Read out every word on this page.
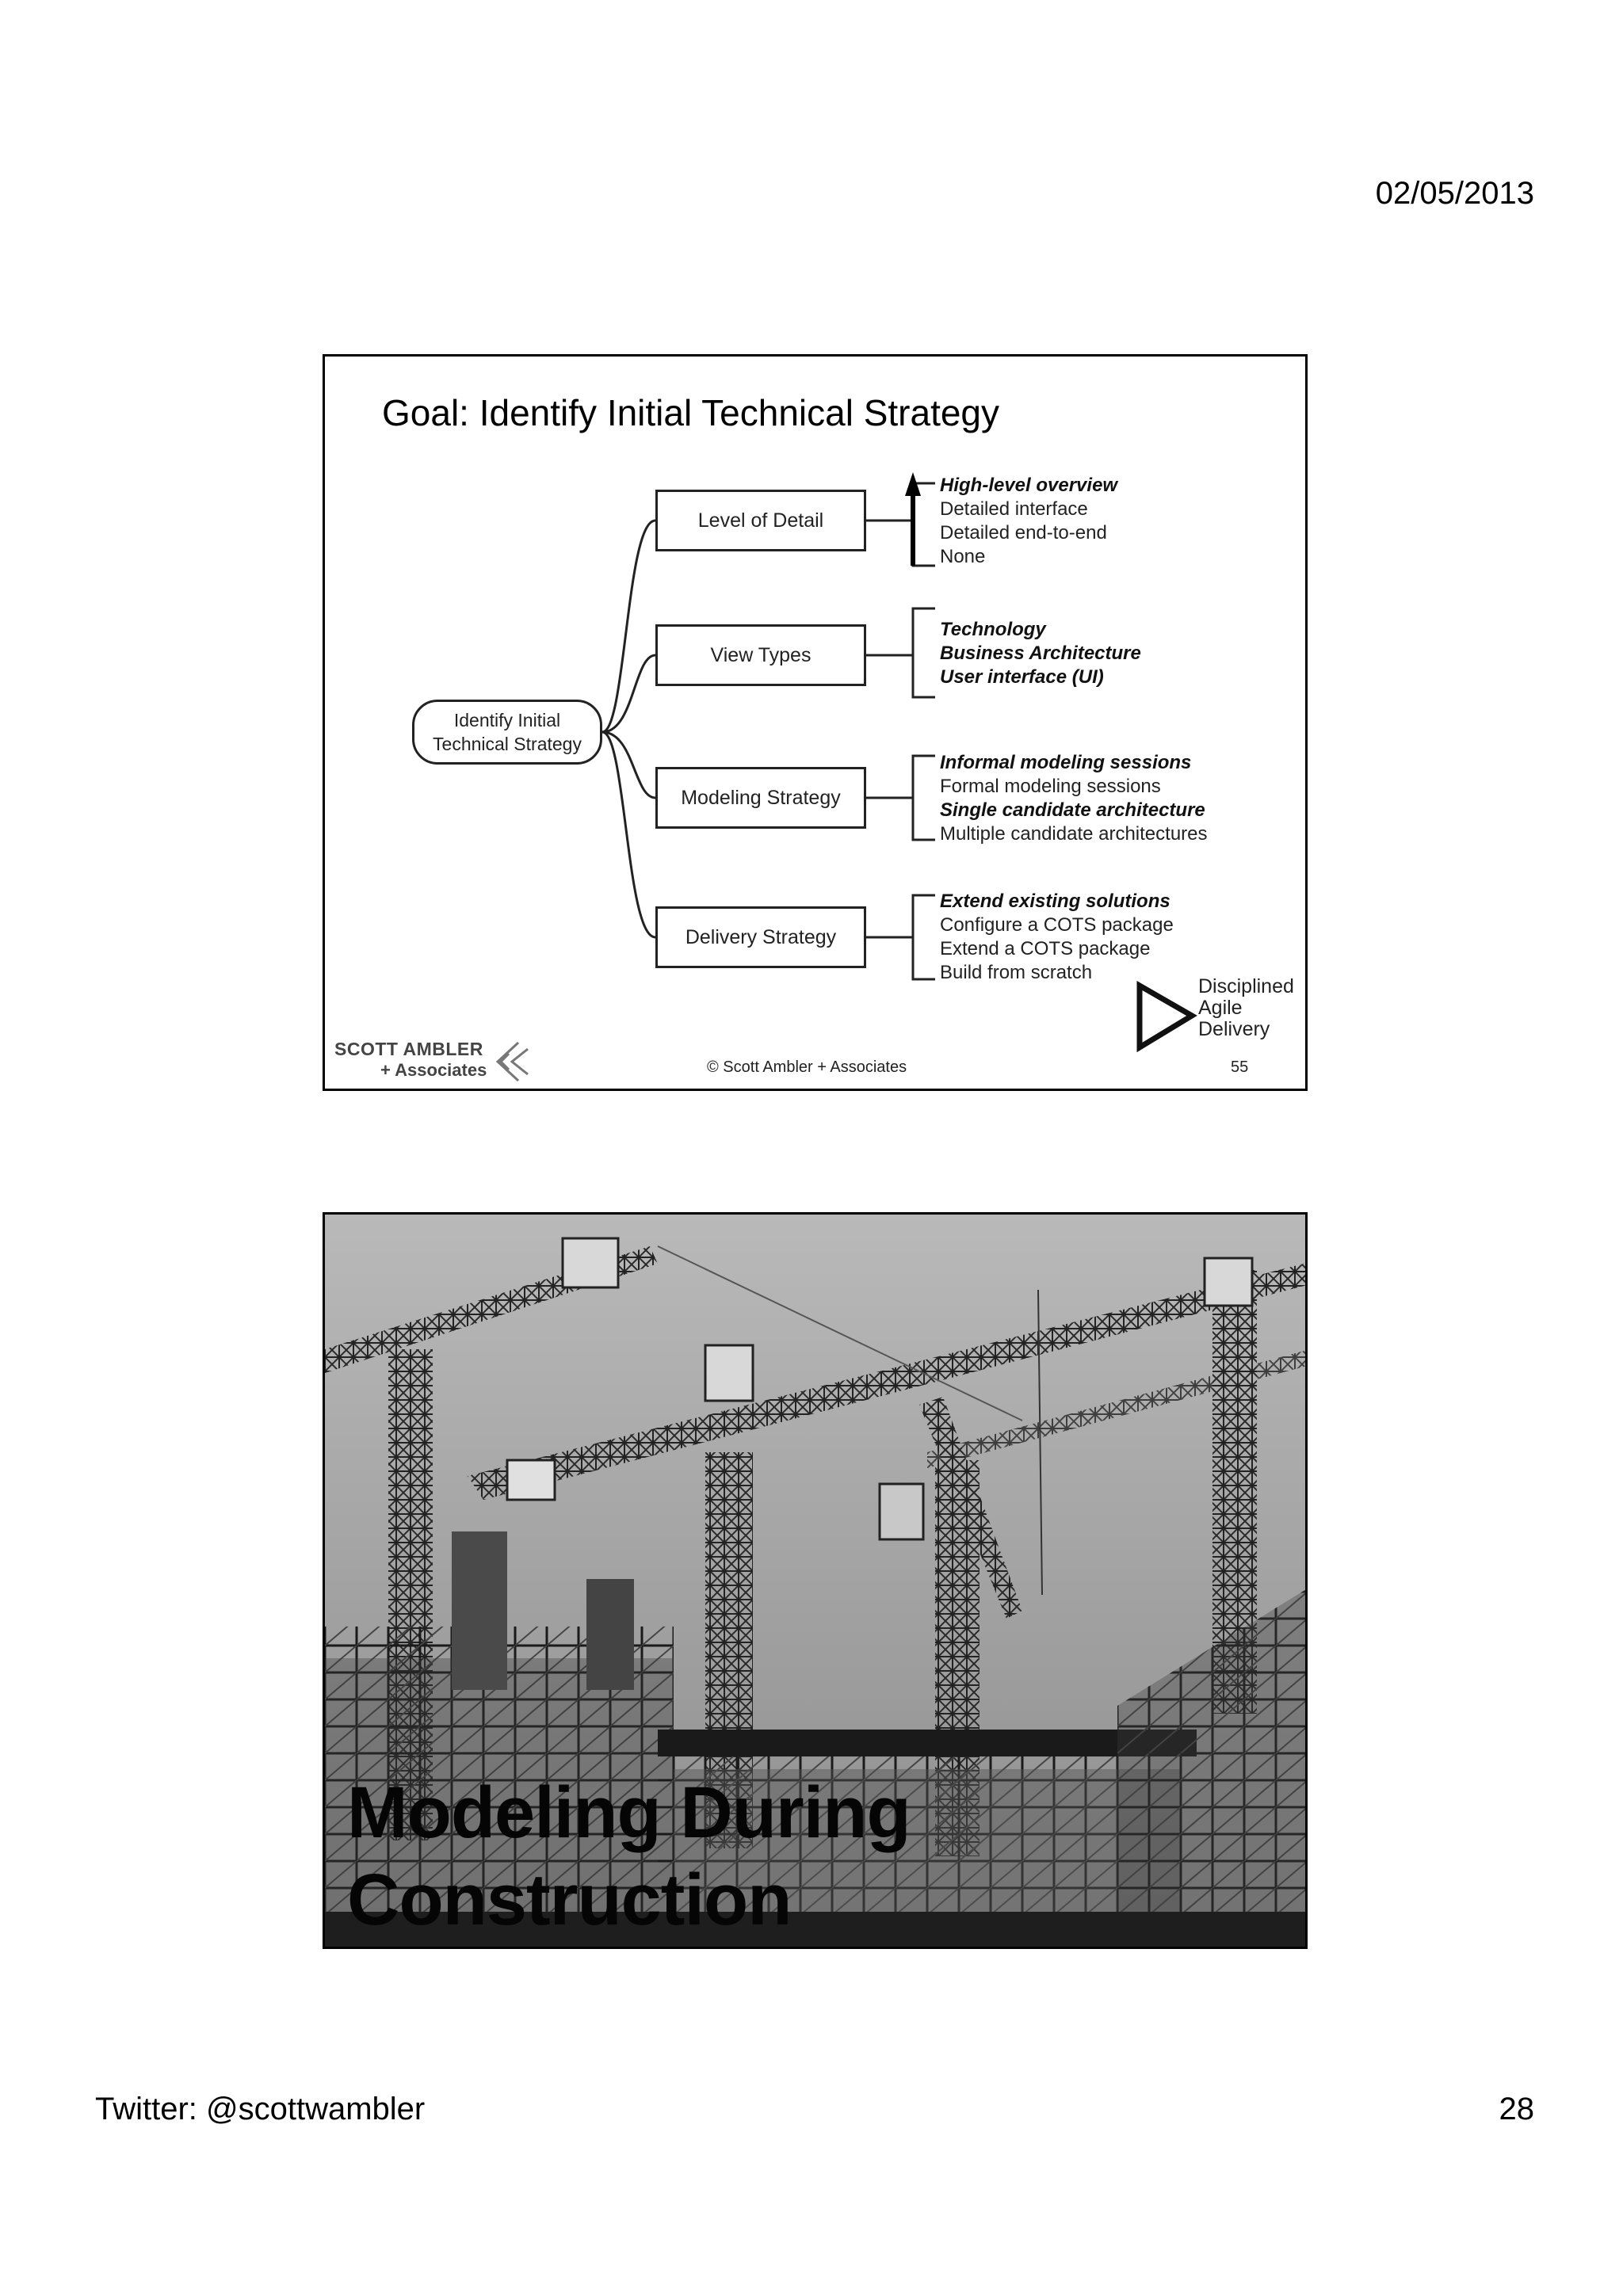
02/05/2013
Goal: Identify Initial Technical Strategy
Identify Initial Technical Strategy
Level of Detail
View Types
Modeling Strategy
Delivery Strategy
High-level overview
Detailed interface
Detailed end-to-end
None
Technology
Business Architecture
User interface (UI)
Informal modeling sessions
Formal modeling sessions
Single candidate architecture
Multiple candidate architectures
Extend existing solutions
Configure a COTS package
Extend a COTS package
Build from scratch
Disciplined
Agile
Delivery
SCOTT AMBLER
+ Associates	© Scott Ambler + Associates	55
Modeling During
Construction
Twitter: @scottwambler	28
